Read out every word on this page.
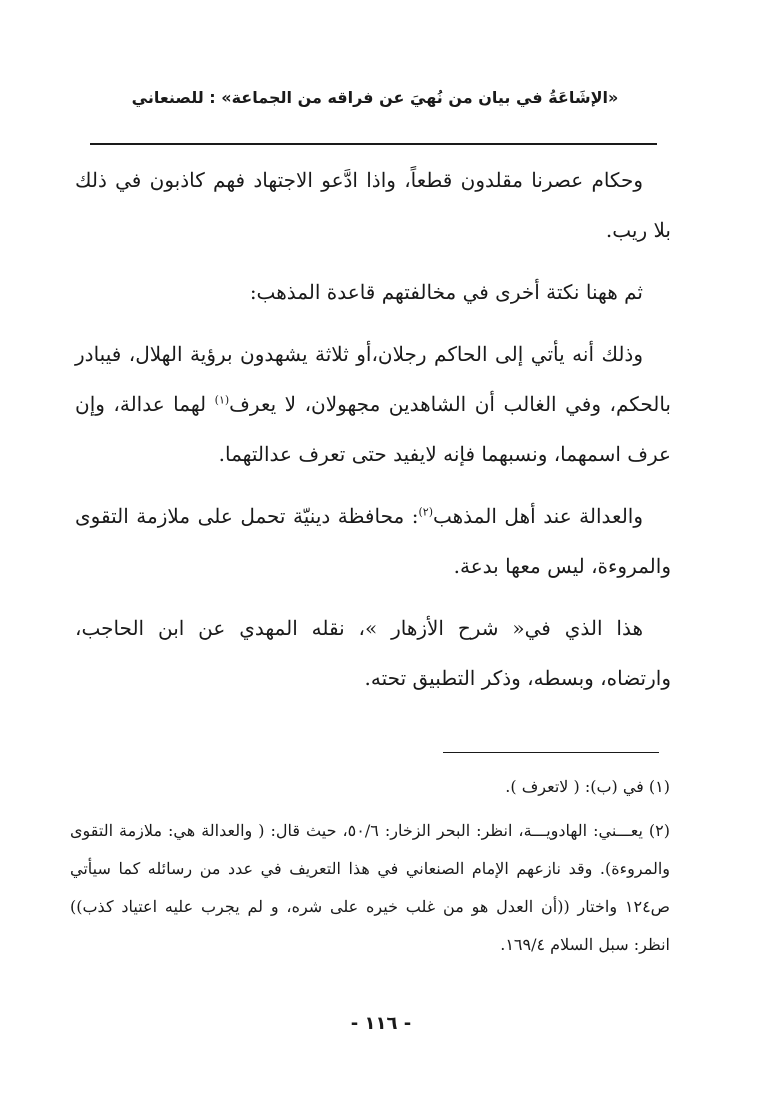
«الإشَاعَةُ في بيان من نُهيَ عن فراقه من الجماعة» : للصنعاني

وحكام عصرنا مقلدون قطعاً، واذا ادَّعو الاجتهاد فهم كاذبون في ذلك بلا ريب.

ثم ههنا نكتة أخرى في مخالفتهم قاعدة المذهب:

وذلك أنه يأتي إلى الحاكم رجلان،أو ثلاثة يشهدون برؤية الهلال، فيبادر بالحكم، وفي الغالب أن الشاهدين مجهولان، لا يعرف$^{(١)}$ لهما عدالة، وإن عرف اسمهما، ونسبهما فإنه لايفيد حتى تعرف عدالتهما.

والعدالة عند أهل المذهب$^{(٢)}$: محافظة دينيّة تحمل على ملازمة التقوى والمروءة، ليس معها بدعة.

هذا الذي في« شرح الأزهار »، نقله المهدي عن ابن الحاجب، وارتضاه، وبسطه، وذكر التطبيق تحته.

(١) في (ب): ( لاتعرف ).

(٢) يعـــني: الهادويـــة، انظر: البحر الزخار: ٥٠/٦، حيث قال: ( والعدالة هي: ملازمة التقوى والمروءة). وقد نازعهم الإمام الصنعاني في هذا التعريف في عدد من رسائله كما سيأتي ص١٢٤ واختار ((أن العدل هو من غلب خيره على شره، و لم يجرب عليه اعتياد كذب)) انظر: سبل السلام ١٦٩/٤.

- ١١٦ -
